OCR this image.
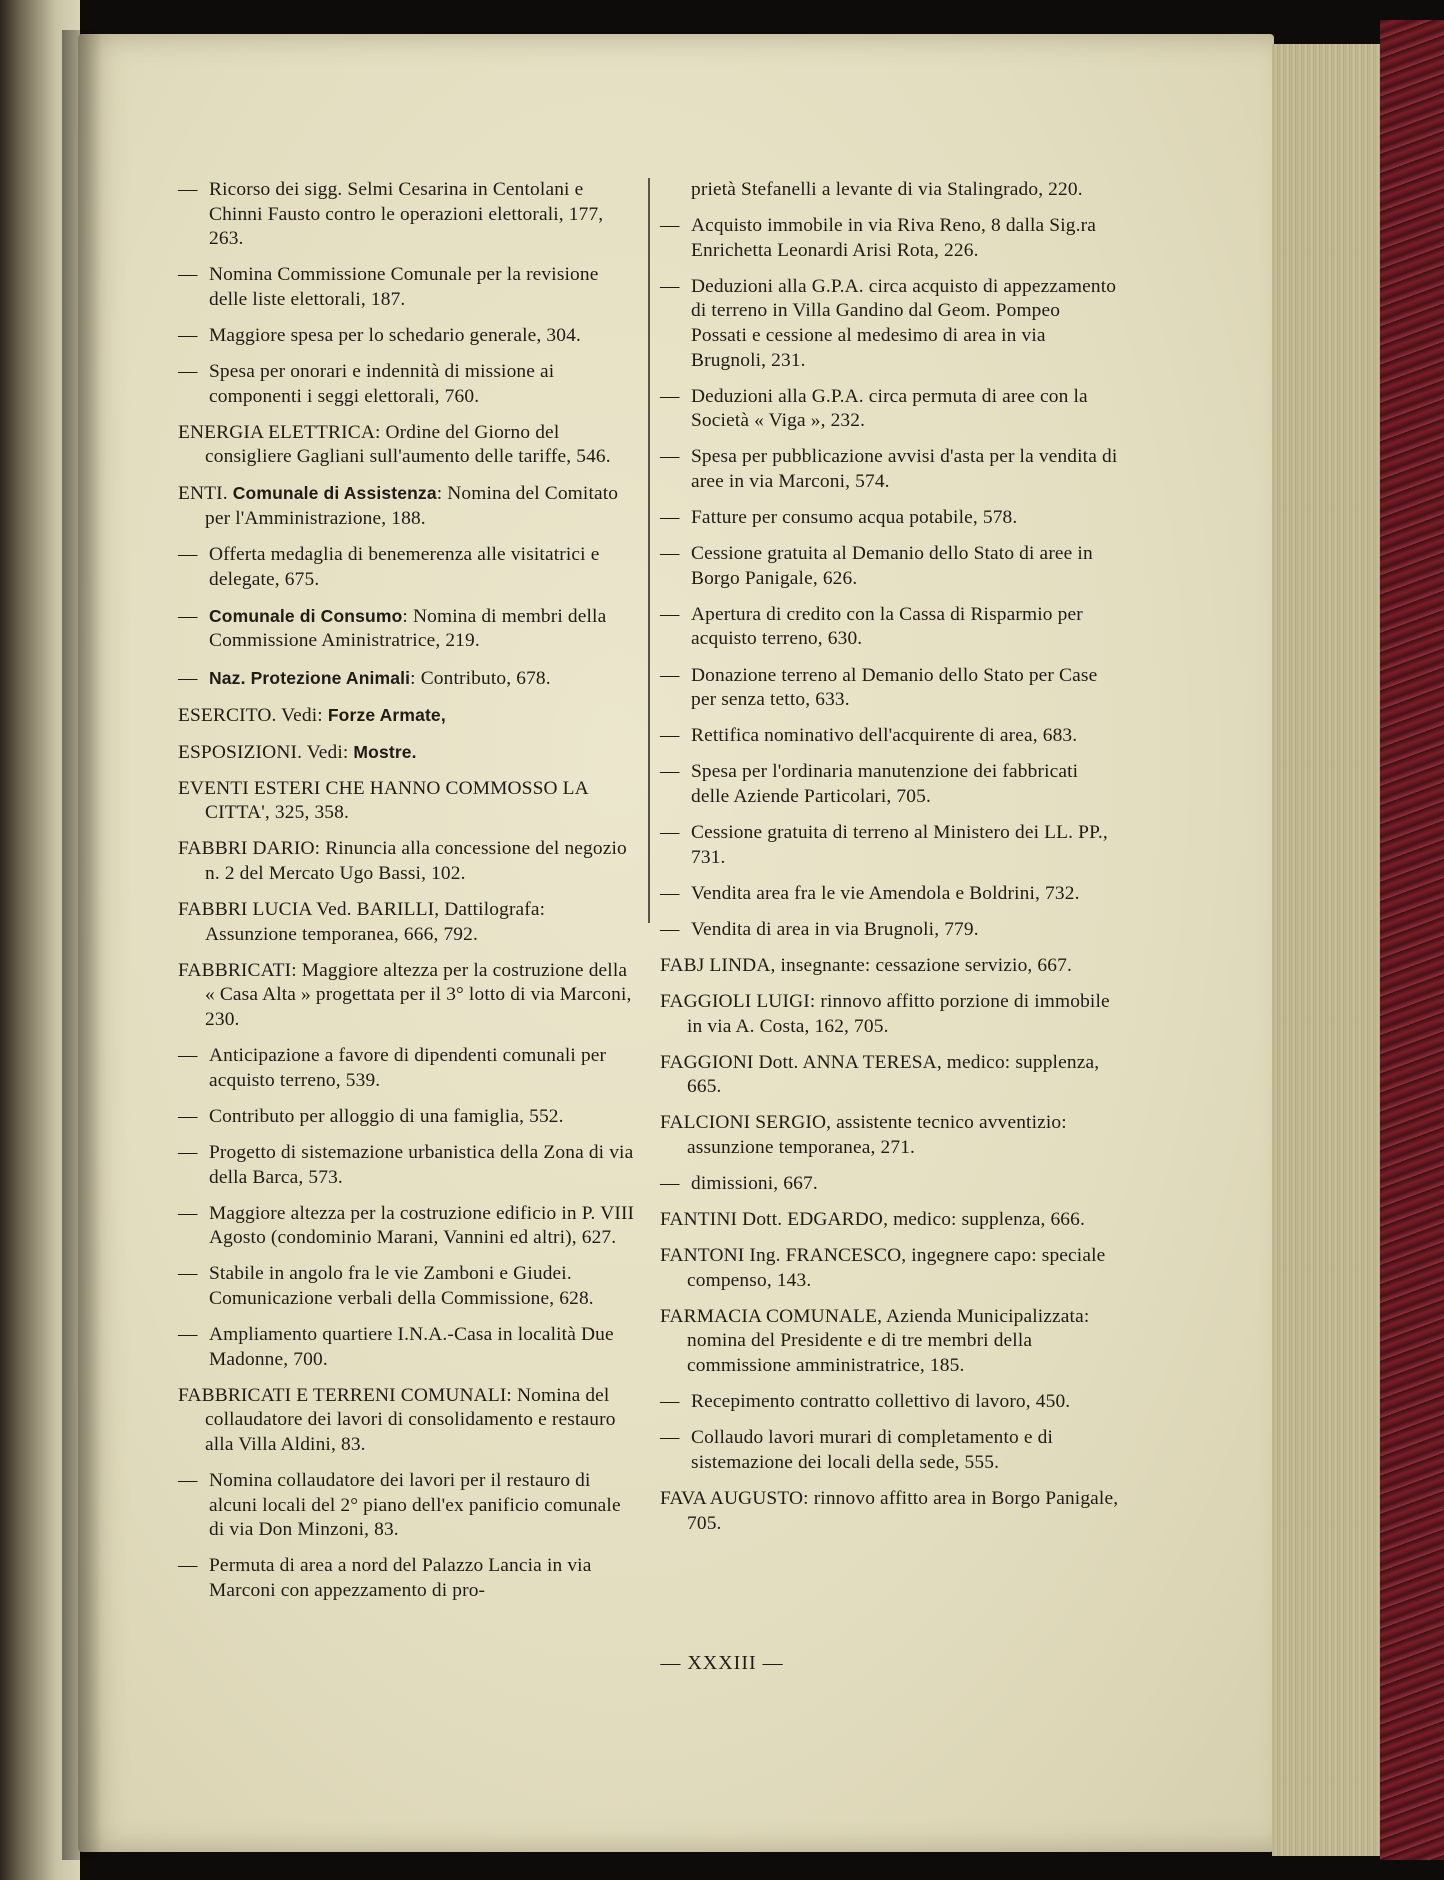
— Ricorso dei sigg. Selmi Cesarina in Centolani e Chinni Fausto contro le operazioni elettorali, 177, 263.
— Nomina Commissione Comunale per la revisione delle liste elettorali, 187.
— Maggiore spesa per lo schedario generale, 304.
— Spesa per onorari e indennità di missione ai componenti i seggi elettorali, 760.
ENERGIA ELETTRICA: Ordine del Giorno del consigliere Gagliani sull'aumento delle tariffe, 546.
ENTI. Comunale di Assistenza: Nomina del Comitato per l'Amministrazione, 188.
— Offerta medaglia di benemerenza alle visitatrici e delegate, 675.
— Comunale di Consumo: Nomina di membri della Commissione Aministratrice, 219.
— Naz. Protezione Animali: Contributo, 678.
ESERCITO. Vedi: Forze Armate,
ESPOSIZIONI. Vedi: Mostre.
EVENTI ESTERI CHE HANNO COMMOSSO LA CITTA', 325, 358.
FABBRI DARIO: Rinuncia alla concessione del negozio n. 2 del Mercato Ugo Bassi, 102.
FABBRI LUCIA Ved. BARILLI, Dattilografa: Assunzione temporanea, 666, 792.
FABBRICATI: Maggiore altezza per la costruzione della « Casa Alta » progettata per il 3° lotto di via Marconi, 230.
— Anticipazione a favore di dipendenti comunali per acquisto terreno, 539.
— Contributo per alloggio di una famiglia, 552.
— Progetto di sistemazione urbanistica della Zona di via della Barca, 573.
— Maggiore altezza per la costruzione edificio in P. VIII Agosto (condominio Marani, Vannini ed altri), 627.
— Stabile in angolo fra le vie Zamboni e Giudei. Comunicazione verbali della Commissione, 628.
— Ampliamento quartiere I.N.A.-Casa in località Due Madonne, 700.
FABBRICATI E TERRENI COMUNALI: Nomina del collaudatore dei lavori di consolidamento e restauro alla Villa Aldini, 83.
— Nomina collaudatore dei lavori per il restauro di alcuni locali del 2° piano dell'ex panificio comunale di via Don Minzoni, 83.
— Permuta di area a nord del Palazzo Lancia in via Marconi con appezzamento di pro-
prietà Stefanelli a levante di via Stalingrado, 220.
— Acquisto immobile in via Riva Reno, 8 dalla Sig.ra Enrichetta Leonardi Arisi Rota, 226.
— Deduzioni alla G.P.A. circa acquisto di appezzamento di terreno in Villa Gandino dal Geom. Pompeo Possati e cessione al medesimo di area in via Brugnoli, 231.
— Deduzioni alla G.P.A. circa permuta di aree con la Società « Viga », 232.
— Spesa per pubblicazione avvisi d'asta per la vendita di aree in via Marconi, 574.
— Fatture per consumo acqua potabile, 578.
— Cessione gratuita al Demanio dello Stato di aree in Borgo Panigale, 626.
— Apertura di credito con la Cassa di Risparmio per acquisto terreno, 630.
— Donazione terreno al Demanio dello Stato per Case per senza tetto, 633.
— Rettifica nominativo dell'acquirente di area, 683.
— Spesa per l'ordinaria manutenzione dei fabbricati delle Aziende Particolari, 705.
— Cessione gratuita di terreno al Ministero dei LL. PP., 731.
— Vendita area fra le vie Amendola e Boldrini, 732.
— Vendita di area in via Brugnoli, 779.
FABJ LINDA, insegnante: cessazione servizio, 667.
FAGGIOLI LUIGI: rinnovo affitto porzione di immobile in via A. Costa, 162, 705.
FAGGIONI Dott. ANNA TERESA, medico: supplenza, 665.
FALCIONI SERGIO, assistente tecnico avventizio: assunzione temporanea, 271.
— dimissioni, 667.
FANTINI Dott. EDGARDO, medico: supplenza, 666.
FANTONI Ing. FRANCESCO, ingegnere capo: speciale compenso, 143.
FARMACIA COMUNALE, Azienda Municipalizzata: nomina del Presidente e di tre membri della commissione amministratrice, 185.
— Recepimento contratto collettivo di lavoro, 450.
— Collaudo lavori murari di completamento e di sistemazione dei locali della sede, 555.
FAVA AUGUSTO: rinnovo affitto area in Borgo Panigale, 705.
— XXXIII —
